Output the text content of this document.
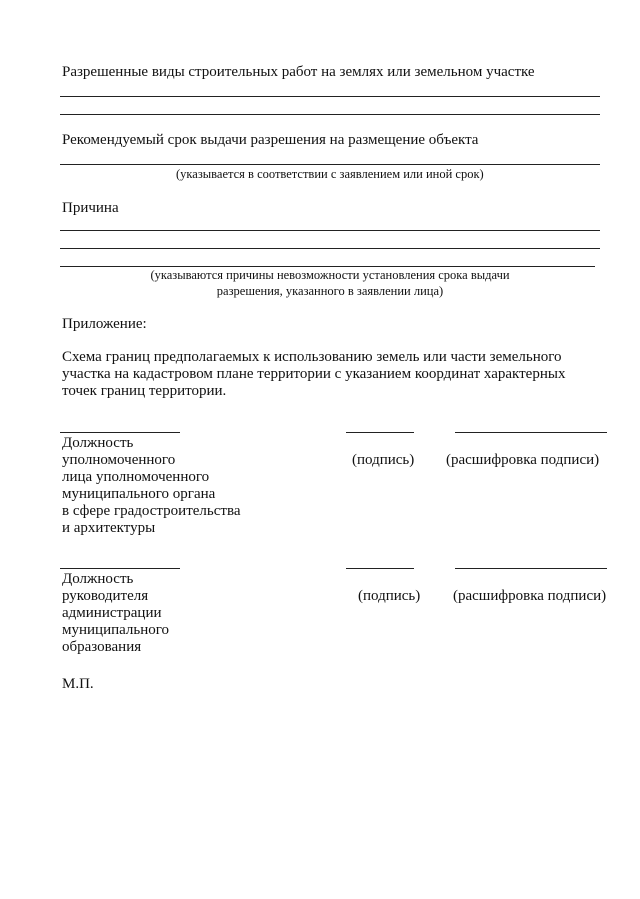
Разрешенные виды строительных работ на землях или земельном участке
Рекомендуемый срок выдачи разрешения на размещение объекта
(указывается в соответствии с заявлением или иной срок)
Причина
(указываются причины невозможности установления срока выдачи
разрешения, указанного в заявлении лица)
Приложение:
Схема границ предполагаемых к использованию земель или части земельного
участка на кадастровом плане территории с указанием координат характерных
точек границ территории.
Должность
уполномоченного
лица уполномоченного
муниципального органа
в сфере градостроительства
и архитектуры
(подпись) (расшифровка подписи)
Должность
руководителя
администрации
муниципального
образования
(подпись) (расшифровка подписи)
М.П.
